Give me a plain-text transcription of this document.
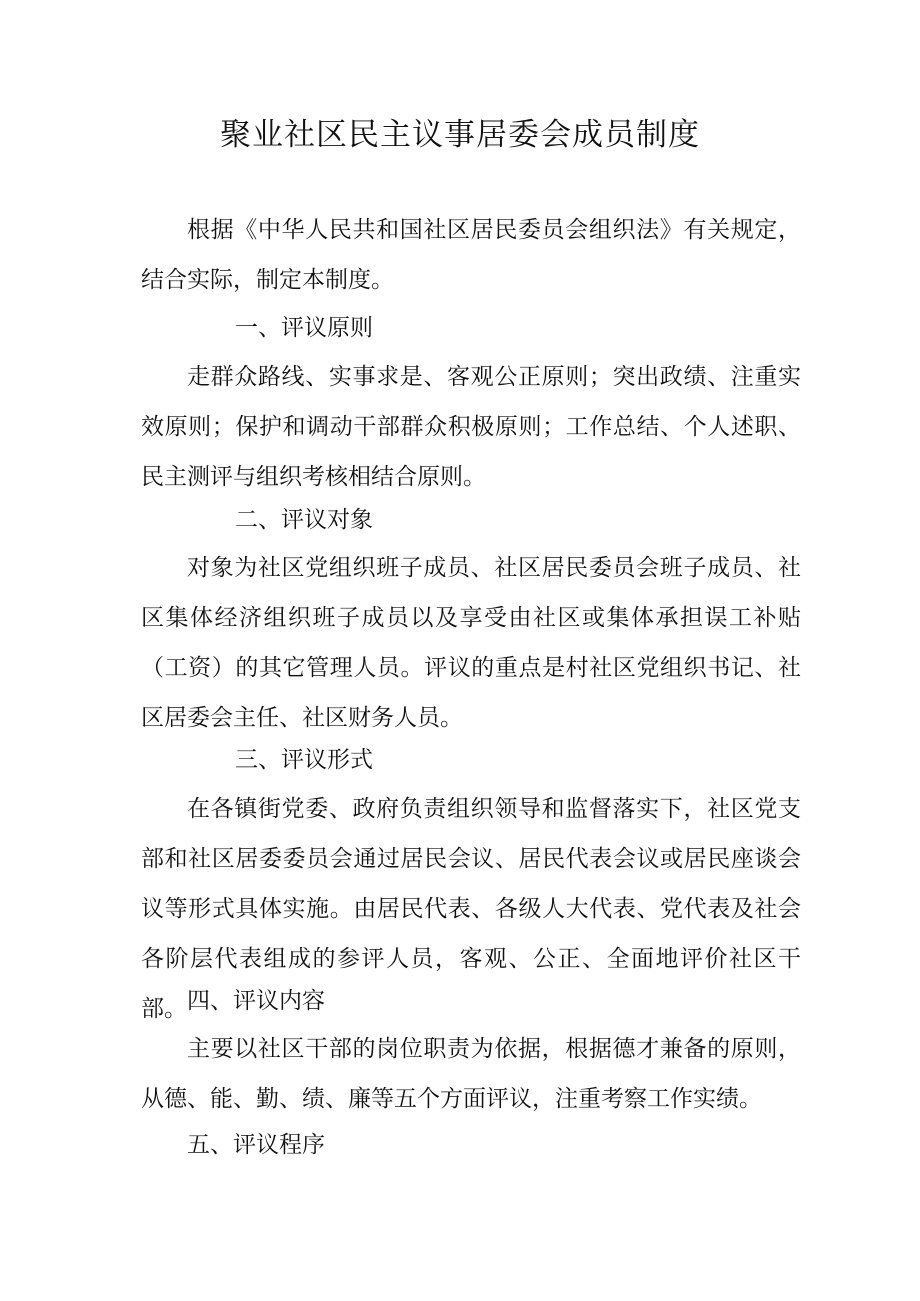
聚业社区民主议事居委会成员制度

根据《中华人民共和国社区居民委员会组织法》有关规定，结合实际，制定本制度。

一、评议原则

走群众路线、实事求是、客观公正原则；突出政绩、注重实效原则；保护和调动干部群众积极原则；工作总结、个人述职、民主测评与组织考核相结合原则。

二、评议对象

对象为社区党组织班子成员、社区居民委员会班子成员、社区集体经济组织班子成员以及享受由社区或集体承担误工补贴（工资）的其它管理人员。评议的重点是村社区党组织书记、社区居委会主任、社区财务人员。

三、评议形式

在各镇街党委、政府负责组织领导和监督落实下，社区党支部和社区居委委员会通过居民会议、居民代表会议或居民座谈会议等形式具体实施。由居民代表、各级人大代表、党代表及社会各阶层代表组成的参评人员，客观、公正、全面地评价社区干部。 四、评议内容

主要以社区干部的岗位职责为依据，根据德才兼备的原则，从德、能、勤、绩、廉等五个方面评议，注重考察工作实绩。

五、评议程序
